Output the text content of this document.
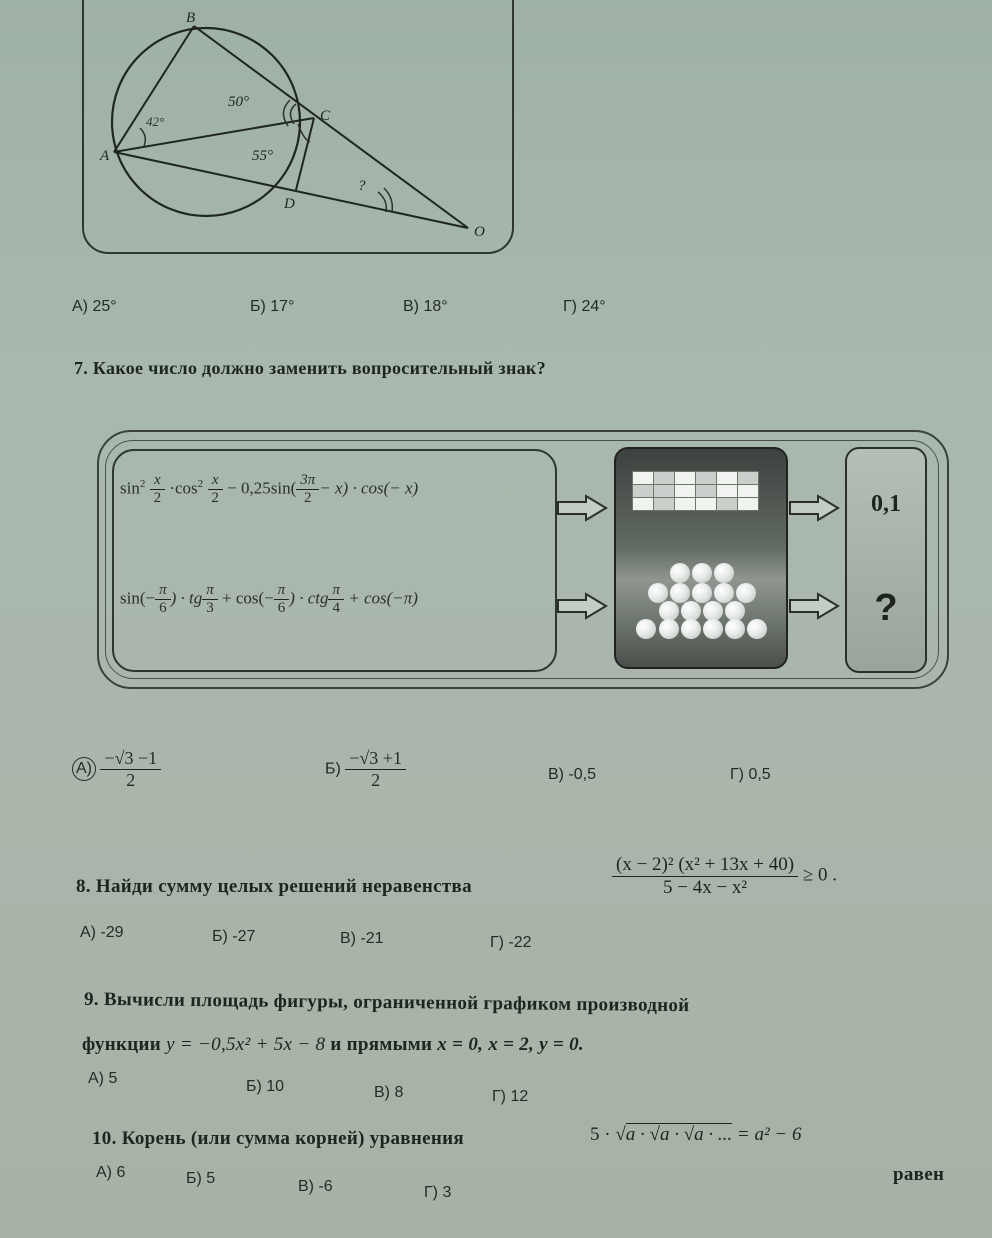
B
A
C
D
O
42°
50°
55°
?
А) 25°	Б) 17°	В) 18°	Г) 24°
7. Какое число должно заменить вопросительный знак?
$\sin^2 \frac{x}{2} \cdot\cos^2 \frac{x}{2} - 0,25\sin( \frac{3\pi}{2} - x) \cdot \cos(- x)$
$\sin(- \frac{\pi}{6}$ ) · tg $\frac{\pi}{3} + \cos(- \frac{\pi}{6}$ ) · ctg $\frac{\pi}{4} + \cos(-\pi)$
0,1
?
$А) \frac{-√3 -1}{2}$	$Б) \frac{-√3 +1}{2}$	В) -0,5	Г) 0,5
8. Найди сумму целых решений неравенства	$\frac{\text{(x − 2)² (x² + 13x + 40)}}{\text{5 − 4x − x²}} \ge 0$ .
А) -29	Б) -27	В) -21	Г) -22
9. Вычисли площадь фигуры, ограниченной графиком производной
функции y = −0,5x² + 5x − 8 и прямыми x = 0, x = 2, y = 0.
А) 5	Б) 10	В) 8	Г) 12
10. Корень (или сумма корней) уравнения	5 · √a · √a · √a · ... = a² − 6
равен
А) 6	Б) 5	В) -6	Г) 3
